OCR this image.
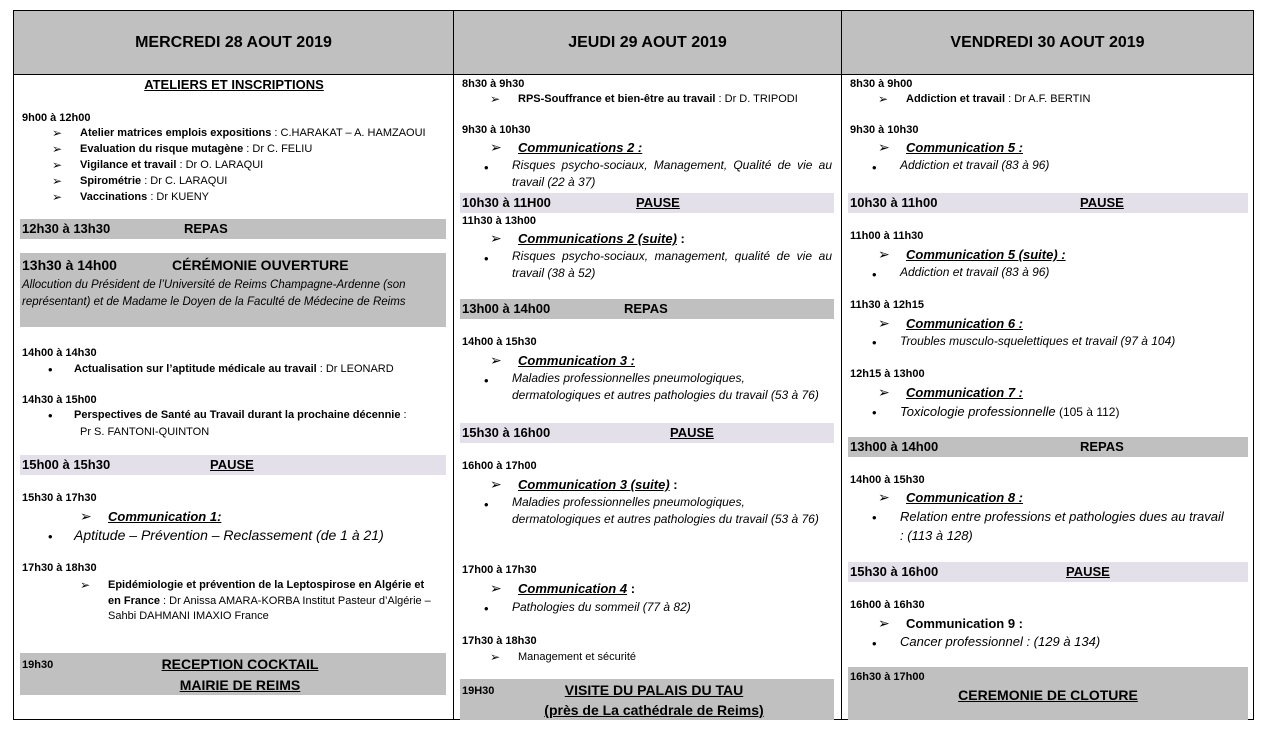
MERCREDI 28 AOUT 2019
ATELIERS ET INSCRIPTIONS
9h00 à 12h00
➢ Atelier matrices emplois expositions : C.HARAKAT – A. HAMZAOUI
➢ Evaluation du risque mutagène : Dr C. FELIU
➢ Vigilance et travail : Dr O. LARAQUI
➢ Spirométrie : Dr C. LARAQUI
➢ Vaccinations : Dr KUENY
12h30 à 13h30	REPAS
13h30 à 14h00	CÉRÉMONIE OUVERTURE
Allocution du Président de l’Université de Reims Champagne-Ardenne (son représentant) et de Madame le Doyen de la Faculté de Médecine de Reims
14h00 à 14h30
• Actualisation sur l’aptitude médicale au travail : Dr LEONARD
14h30 à 15h00
• Perspectives de Santé au Travail durant la prochaine décennie :
Pr S. FANTONI-QUINTON
15h00 à 15h30	PAUSE
15h30 à 17h30
➢ Communication 1:
• Aptitude – Prévention – Reclassement (de 1 à 21)
17h30 à 18h30
➢ Epidémiologie et prévention de la Leptospirose en Algérie et en France : Dr Anissa AMARA-KORBA Institut Pasteur d’Algérie – Sahbi DAHMANI IMAXIO France
19h30	RECEPTION COCKTAIL
MAIRIE DE REIMS
JEUDI 29 AOUT 2019
8h30 à 9h30
➢ RPS-Souffrance et bien-être au travail : Dr D. TRIPODI
9h30 à 10h30
➢ Communications 2 :
• Risques psycho-sociaux, Management, Qualité de vie au travail (22 à 37)
10h30 à 11H00	PAUSE
11h30 à 13h00
➢ Communications 2 (suite) :
• Risques psycho-sociaux, management, qualité de vie au travail (38 à 52)
13h00 à 14h00	REPAS
14h00 à 15h30
➢ Communication 3 :
• Maladies professionnelles pneumologiques, dermatologiques et autres pathologies du travail (53 à 76)
15h30 à 16h00	PAUSE
16h00 à 17h00
➢ Communication 3 (suite) :
• Maladies professionnelles pneumologiques, dermatologiques et autres pathologies du travail (53 à 76)
17h00 à 17h30
➢ Communication 4 :
• Pathologies du sommeil (77 à 82)
17h30 à 18h30
➢ Management et sécurité
19H30	VISITE DU PALAIS DU TAU
(près de La cathédrale de Reims)
VENDREDI 30 AOUT 2019
8h30 à 9h00
➢ Addiction et travail : Dr A.F. BERTIN
9h30 à 10h30
➢ Communication 5 :
• Addiction et travail (83 à 96)
10h30 à 11h00	PAUSE
11h00 à 11h30
➢ Communication 5 (suite) :
• Addiction et travail (83 à 96)
11h30 à 12h15
➢ Communication 6 :
• Troubles musculo-squelettiques et travail (97 à 104)
12h15 à 13h00
➢ Communication 7 :
• Toxicologie professionnelle (105 à 112)
13h00 à 14h00	REPAS
14h00 à 15h30
➢ Communication 8 :
• Relation entre professions et pathologies dues au travail : (113 à 128)
15h30 à 16h00	PAUSE
16h00 à 16h30
➢ Communication 9 :
• Cancer professionnel : (129 à 134)
16h30 à 17h00
CEREMONIE DE CLOTURE
